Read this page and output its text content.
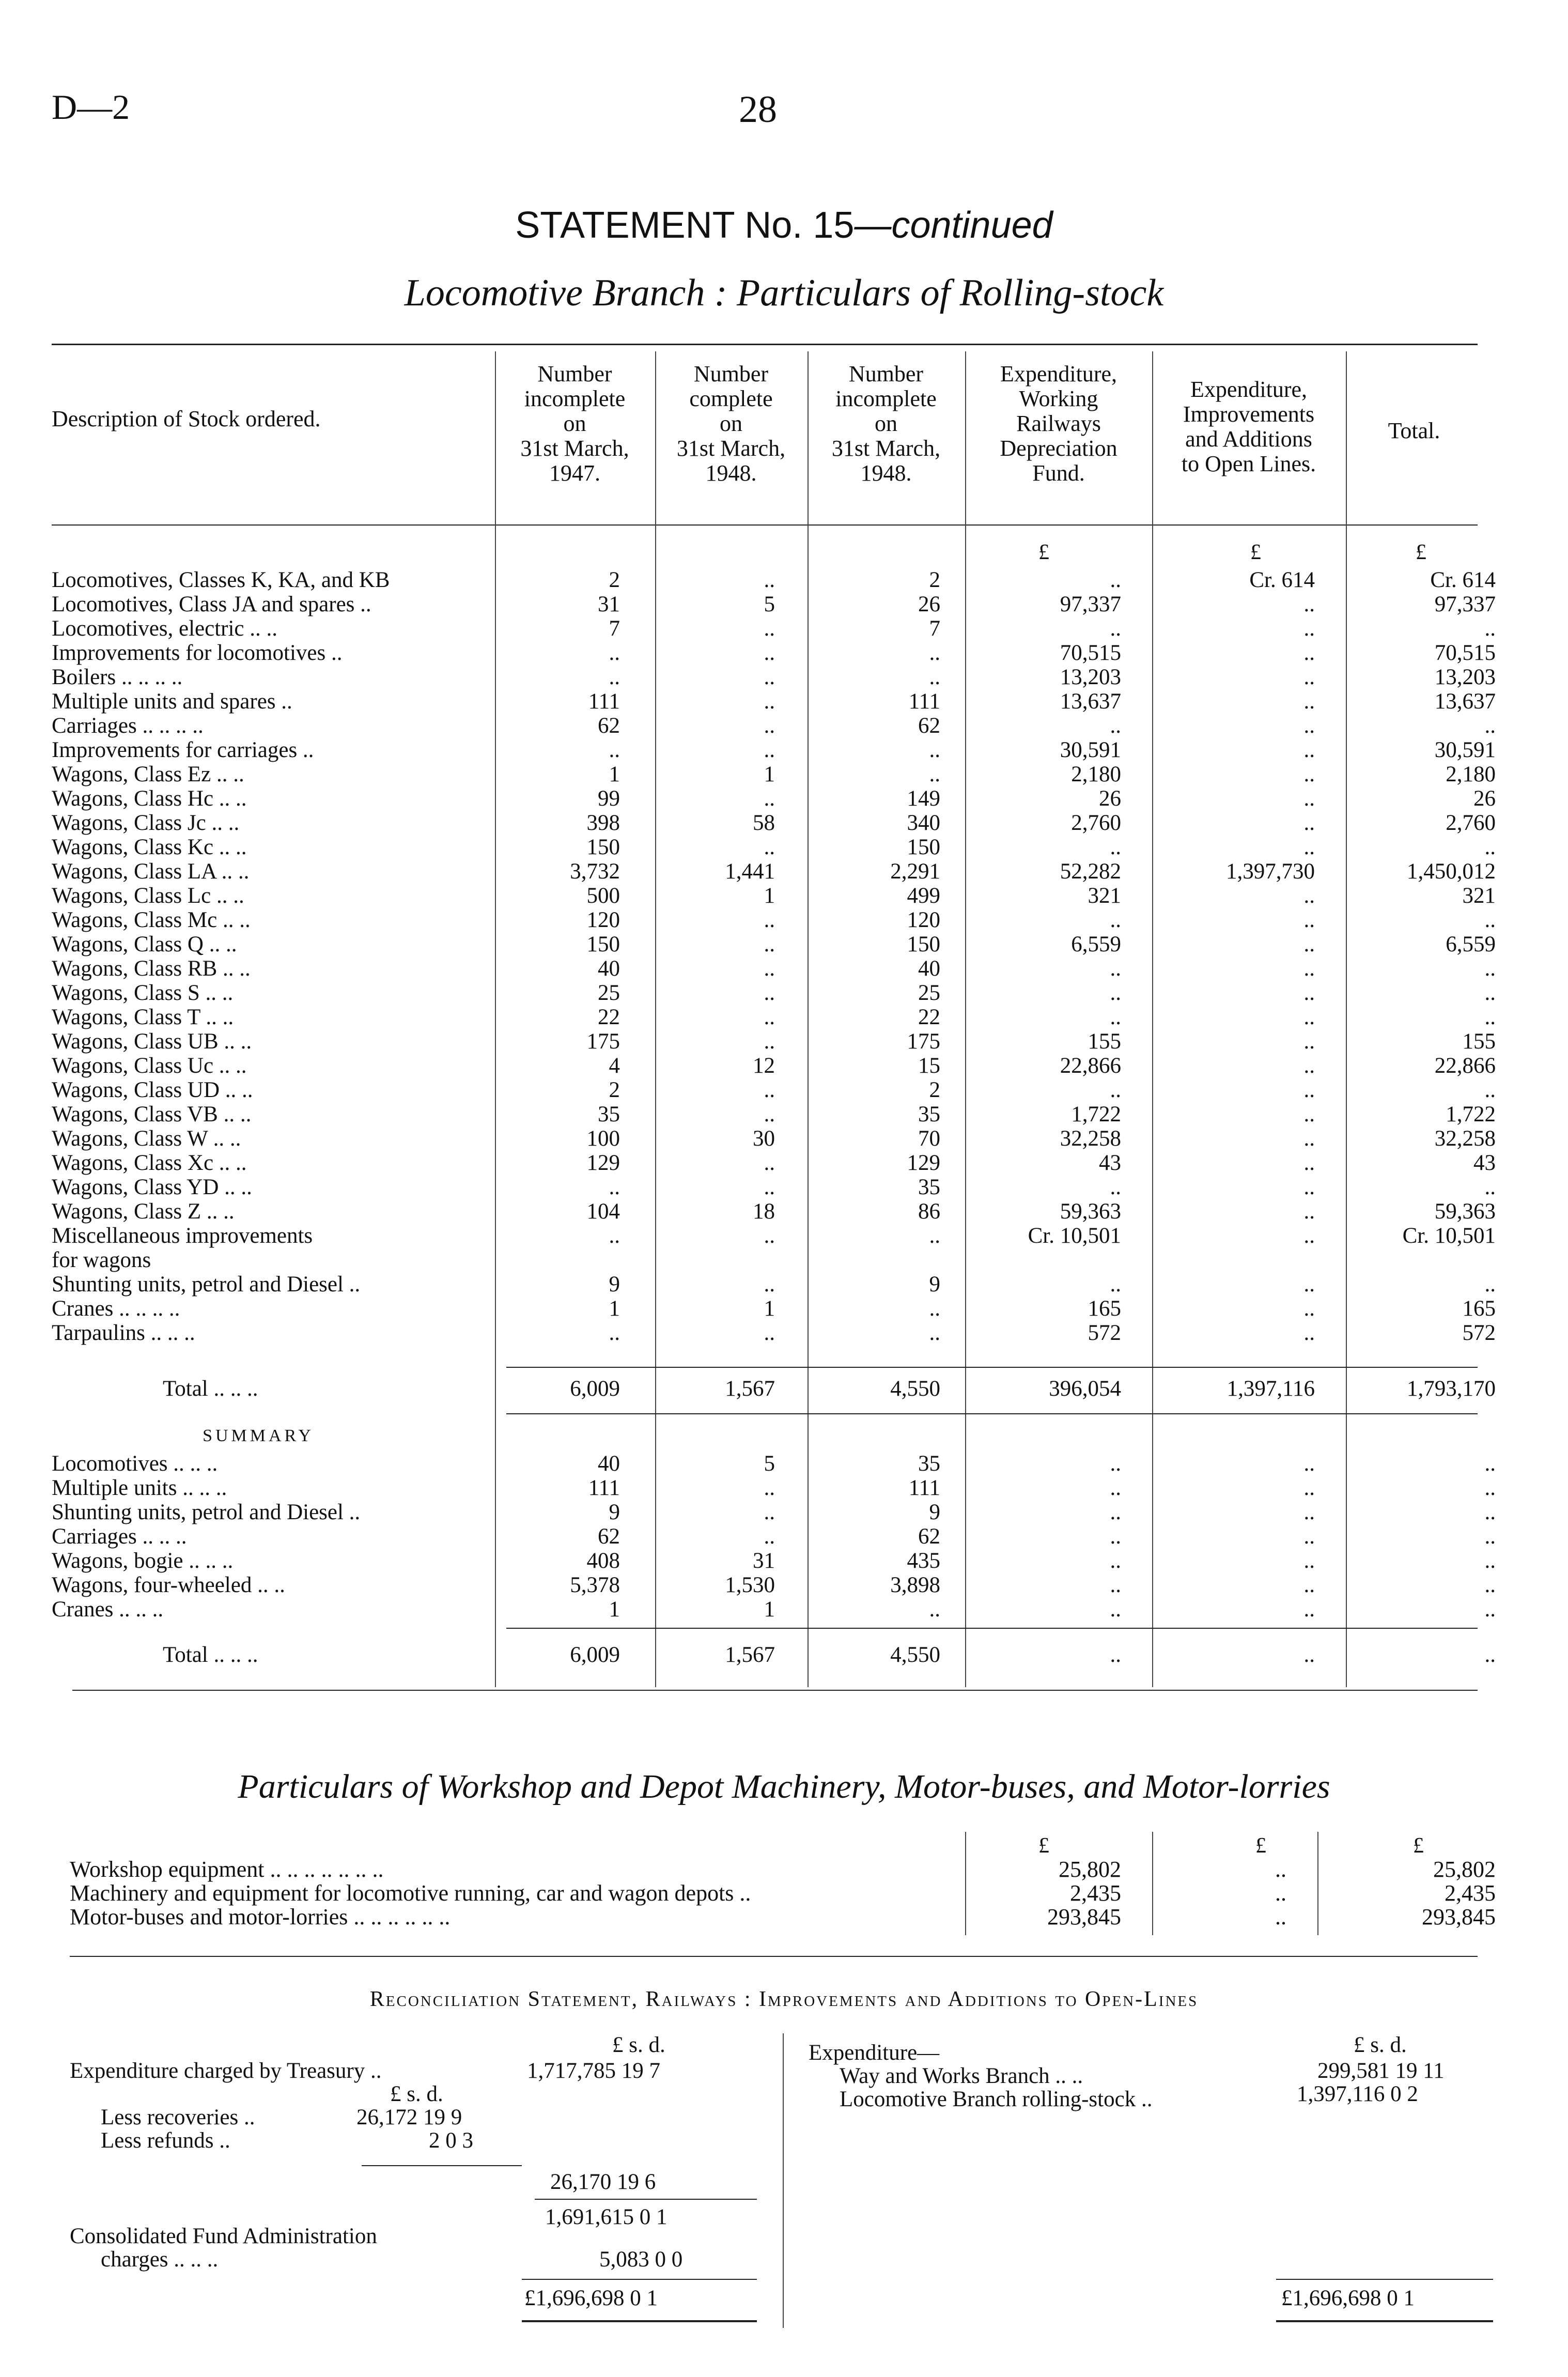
D—2	28
STATEMENT No. 15—continued
Locomotive Branch : Particulars of Rolling-stock
Description of Stock ordered.
Number
incomplete
on
31st March,
1947.
Number
complete
on
31st March,
1948.
Number
incomplete
on
31st March,
1948.
Expenditure,
Working
Railways
Depreciation
Fund.
Expenditure,
Improvements
and Additions
to Open Lines.
Total.
£	£	£
Locomotives, Classes K, KA, and KB	2	..	2	..	Cr. 614	Cr. 614
Locomotives, Class JA and spares ..	31	5	26	97,337	..	97,337
Locomotives, electric .. ..	7	..	7	..	..	..
Improvements for locomotives ..	..	..	..	70,515	..	70,515
Boilers .. .. .. ..	..	..	..	13,203	..	13,203
Multiple units and spares ..	111	..	111	13,637	..	13,637
Carriages .. .. .. ..	62	..	62	..	..	..
Improvements for carriages ..	..	..	..	30,591	..	30,591
Wagons, Class Ez .. ..	1	1	..	2,180	..	2,180
Wagons, Class Hc .. ..	99	..	149	26	..	26
Wagons, Class Jc .. ..	398	58	340	2,760	..	2,760
Wagons, Class Kc .. ..	150	..	150	..	..	..
Wagons, Class LA .. ..	3,732	1,441	2,291	52,282	1,397,730	1,450,012
Wagons, Class Lc .. ..	500	1	499	321	..	321
Wagons, Class Mc .. ..	120	..	120	..	..	..
Wagons, Class Q .. ..	150	..	150	6,559	..	6,559
Wagons, Class RB .. ..	40	..	40	..	..	..
Wagons, Class S .. ..	25	..	25	..	..	..
Wagons, Class T .. ..	22	..	22	..	..	..
Wagons, Class UB .. ..	175	..	175	155	..	155
Wagons, Class Uc .. ..	4	12	15	22,866	..	22,866
Wagons, Class UD .. ..	2	..	2	..	..	..
Wagons, Class VB .. ..	35	..	35	1,722	..	1,722
Wagons, Class W .. ..	100	30	70	32,258	..	32,258
Wagons, Class Xc .. ..	129	..	129	43	..	43
Wagons, Class YD .. ..	..	..	35	..	..	..
Wagons, Class Z .. ..	104	18	86	59,363	..	59,363
Miscellaneous improvements	..	..	..	Cr. 10,501	..	Cr. 10,501
for wagons
Shunting units, petrol and Diesel ..	9	..	9	..	..	..
Cranes .. .. .. ..	1	1	..	165	..	165
Tarpaulins .. .. ..	..	..	..	572	..	572
Total .. .. ..	6,009	1,567	4,550	396,054	1,397,116	1,793,170
SUMMARY
Locomotives .. .. ..	40	5	35	..	..	..
Multiple units .. .. ..	111	..	111	..	..	..
Shunting units, petrol and Diesel ..	9	..	9	..	..	..
Carriages .. .. ..	62	..	62	..	..	..
Wagons, bogie .. .. ..	408	31	435	..	..	..
Wagons, four-wheeled .. ..	5,378	1,530	3,898	..	..	..
Cranes .. .. ..	1	1	..	..	..	..
Total .. .. ..	6,009	1,567	4,550	..	..	..
Particulars of Workshop and Depot Machinery, Motor-buses, and Motor-lorries
£	£	£
Workshop equipment .. .. .. .. .. .. ..	25,802	..	25,802
Machinery and equipment for locomotive running, car and wagon depots ..	2,435	..	2,435
Motor-buses and motor-lorries .. .. .. .. .. ..	293,845	..	293,845
Reconciliation Statement, Railways : Improvements and Additions to Open-Lines
£ s. d.
Expenditure charged by Treasury ..	1,717,785 19 7
£ s. d.
Less recoveries ..	26,172 19 9
Less refunds ..	2 0 3
26,170 19 6
1,691,615 0 1
Consolidated Fund Administration
charges .. .. ..	5,083 0 0
£1,696,698 0 1
Expenditure—	£ s. d.
Way and Works Branch .. ..	299,581 19 11
Locomotive Branch rolling-stock ..	1,397,116 0 2
£1,696,698 0 1
